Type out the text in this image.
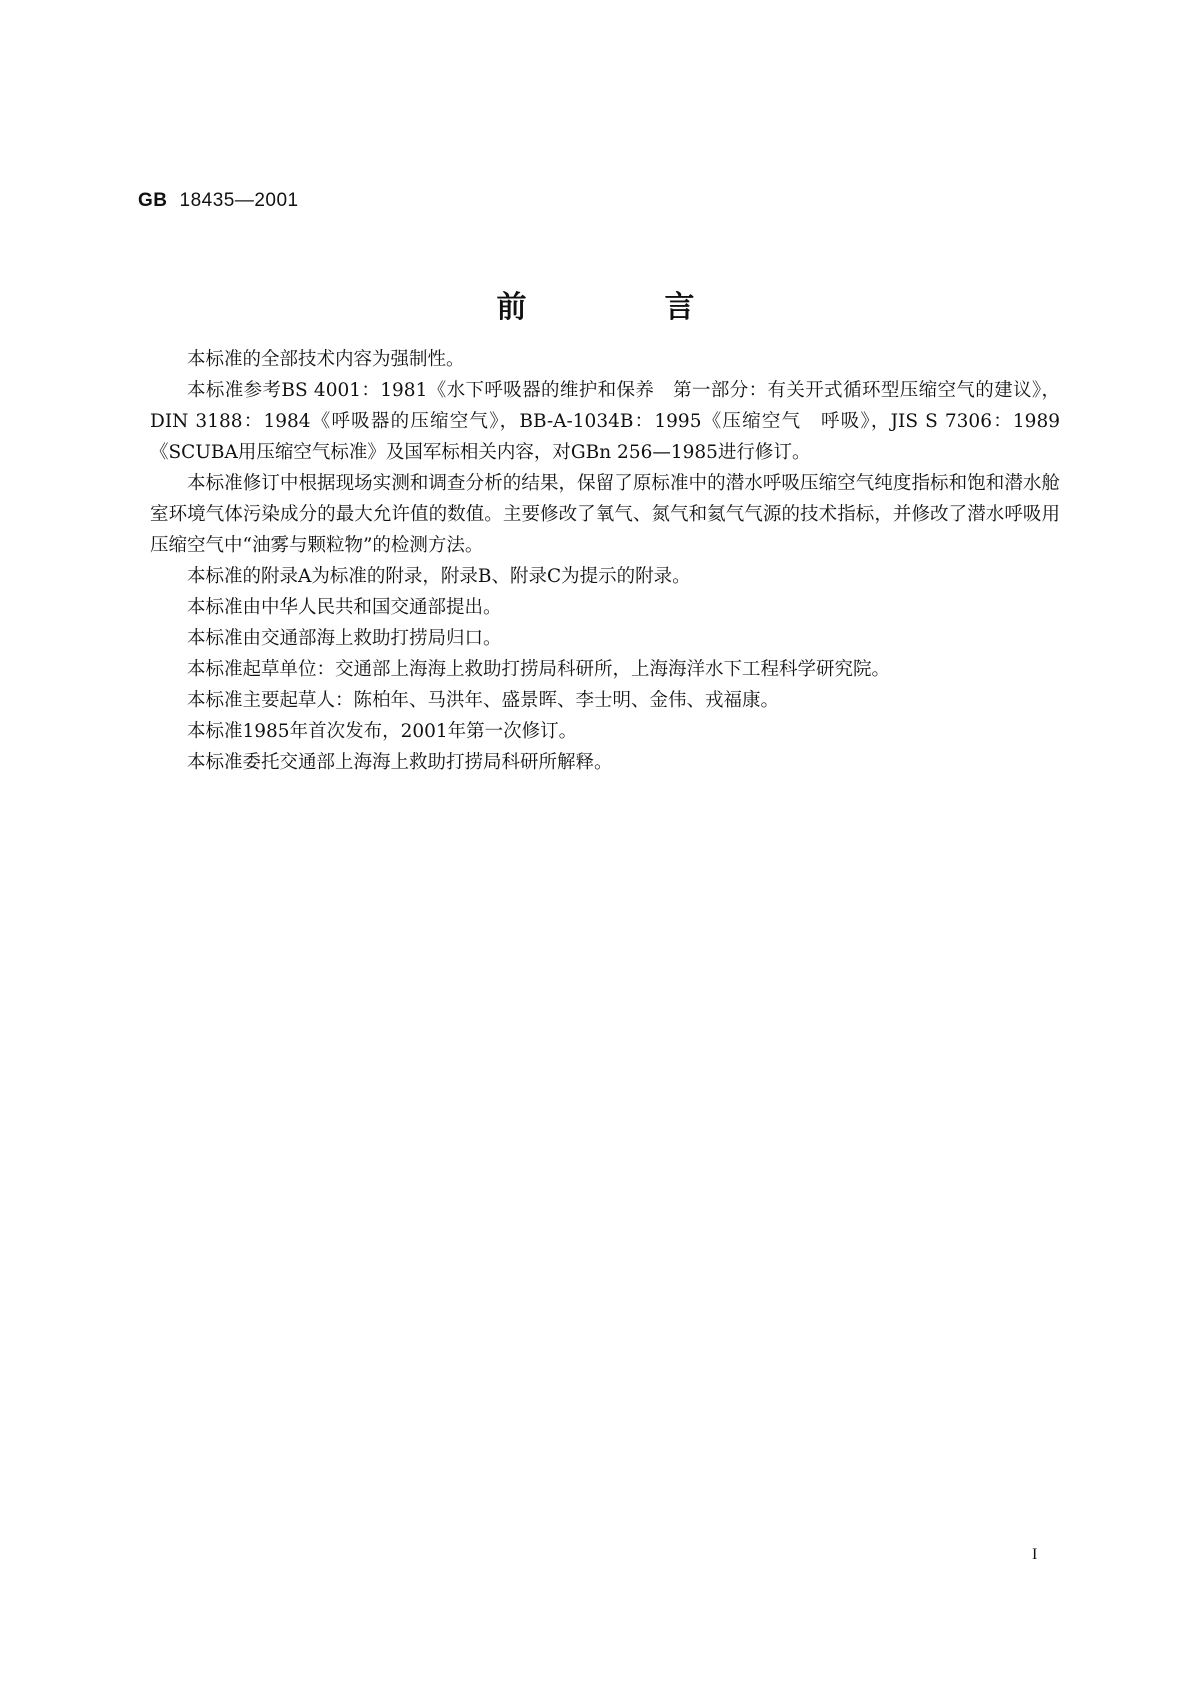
GB 18435—2001
前　言

本标准的全部技术内容为强制性。

本标准参考BS 4001：1981《水下呼吸器的维护和保养　第一部分：有关开式循环型压缩空气的建议》，DIN 3188：1984《呼吸器的压缩空气》，BB-A-1034B：1995《压缩空气　呼吸》，JIS S 7306：1989《SCUBA用压缩空气标准》及国军标相关内容，对GBn 256—1985进行修订。

本标准修订中根据现场实测和调查分析的结果，保留了原标准中的潜水呼吸压缩空气纯度指标和饱和潜水舱室环境气体污染成分的最大允许值的数值。主要修改了氧气、氮气和氦气气源的技术指标，并修改了潜水呼吸用压缩空气中“油雾与颗粒物”的检测方法。

本标准的附录A为标准的附录，附录B、附录C为提示的附录。

本标准由中华人民共和国交通部提出。

本标准由交通部海上救助打捞局归口。

本标准起草单位：交通部上海海上救助打捞局科研所，上海海洋水下工程科学研究院。

本标准主要起草人：陈柏年、马洪年、盛景晖、李士明、金伟、戎福康。

本标准1985年首次发布，2001年第一次修订。

本标准委托交通部上海海上救助打捞局科研所解释。

I
